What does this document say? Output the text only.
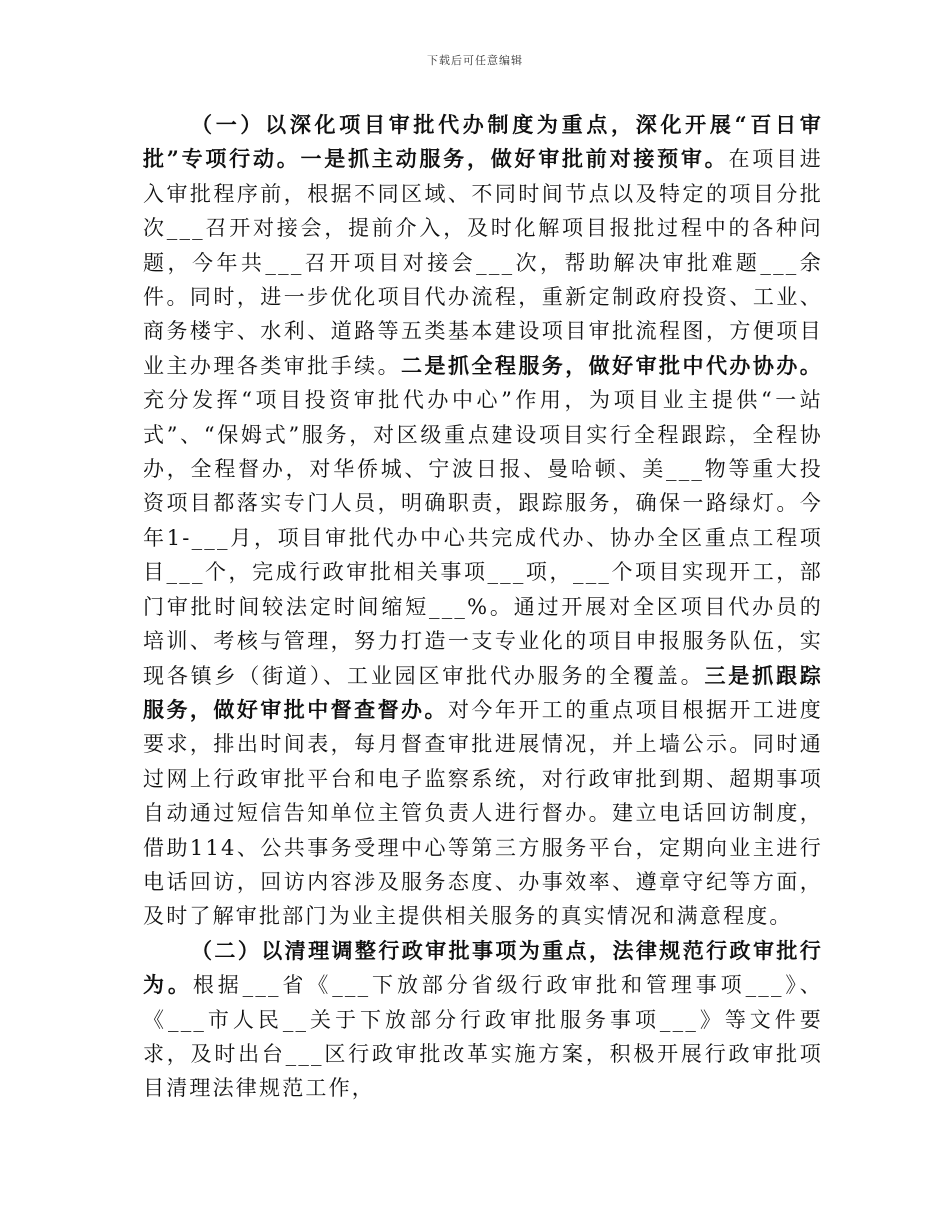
下载后可任意编辑

（一）以深化项目审批代办制度为重点，深化开展“百日审批”专项行动。一是抓主动服务，做好审批前对接预审。在项目进入审批程序前，根据不同区域、不同时间节点以及特定的项目分批次___召开对接会，提前介入，及时化解项目报批过程中的各种问题，今年共___召开项目对接会___次，帮助解决审批难题___余件。同时，进一步优化项目代办流程，重新定制政府投资、工业、商务楼宇、水利、道路等五类基本建设项目审批流程图，方便项目业主办理各类审批手续。二是抓全程服务，做好审批中代办协办。充分发挥“项目投资审批代办中心”作用，为项目业主提供“一站式”、“保姆式”服务，对区级重点建设项目实行全程跟踪，全程协办，全程督办，对华侨城、宁波日报、曼哈顿、美___物等重大投资项目都落实专门人员，明确职责，跟踪服务，确保一路绿灯。今年1-___月，项目审批代办中心共完成代办、协办全区重点工程项目___个，完成行政审批相关事项___项，___个项目实现开工，部门审批时间较法定时间缩短___%。通过开展对全区项目代办员的培训、考核与管理，努力打造一支专业化的项目申报服务队伍，实现各镇乡（街道）、工业园区审批代办服务的全覆盖。三是抓跟踪服务，做好审批中督查督办。对今年开工的重点项目根据开工进度要求，排出时间表，每月督查审批进展情况，并上墙公示。同时通过网上行政审批平台和电子监察系统，对行政审批到期、超期事项自动通过短信告知单位主管负责人进行督办。建立电话回访制度，借助114、公共事务受理中心等第三方服务平台，定期向业主进行电话回访，回访内容涉及服务态度、办事效率、遵章守纪等方面，及时了解审批部门为业主提供相关服务的真实情况和满意程度。

（二）以清理调整行政审批事项为重点，法律规范行政审批行为。根据___省《___下放部分省级行政审批和管理事项___》、《___市人民__关于下放部分行政审批服务事项___》等文件要求，及时出台___区行政审批改革实施方案，积极开展行政审批项目清理法律规范工作，
